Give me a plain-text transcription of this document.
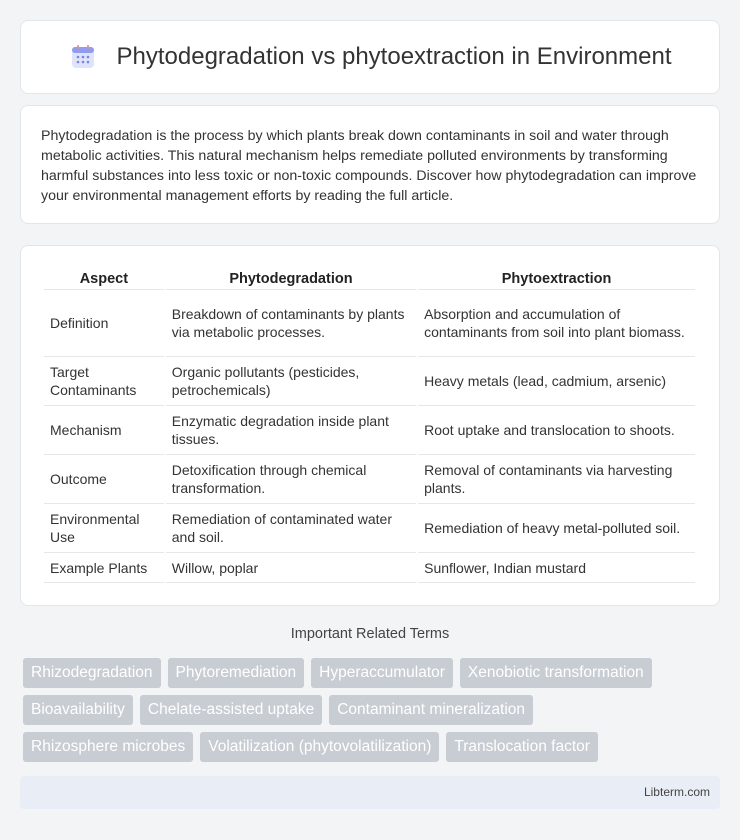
Phytodegradation vs phytoextraction in Environment

Phytodegradation is the process by which plants break down contaminants in soil and water through metabolic activities. This natural mechanism helps remediate polluted environments by transforming harmful substances into less toxic or non-toxic compounds. Discover how phytodegradation can improve your environmental management efforts by reading the full article.

Aspect	Phytodegradation	Phytoextraction
Definition	Breakdown of contaminants by plants via metabolic processes.	Absorption and accumulation of contaminants from soil into plant biomass.
Target Contaminants	Organic pollutants (pesticides, petrochemicals)	Heavy metals (lead, cadmium, arsenic)
Mechanism	Enzymatic degradation inside plant tissues.	Root uptake and translocation to shoots.
Outcome	Detoxification through chemical transformation.	Removal of contaminants via harvesting plants.
Environmental Use	Remediation of contaminated water and soil.	Remediation of heavy metal-polluted soil.
Example Plants	Willow, poplar	Sunflower, Indian mustard
Important Related Terms
Rhizodegradation	Phytoremediation	Hyperaccumulator	Xenobiotic transformation
Bioavailability	Chelate-assisted uptake	Contaminant mineralization
Rhizosphere microbes	Volatilization (phytovolatilization)	Translocation factor
Libterm.com
